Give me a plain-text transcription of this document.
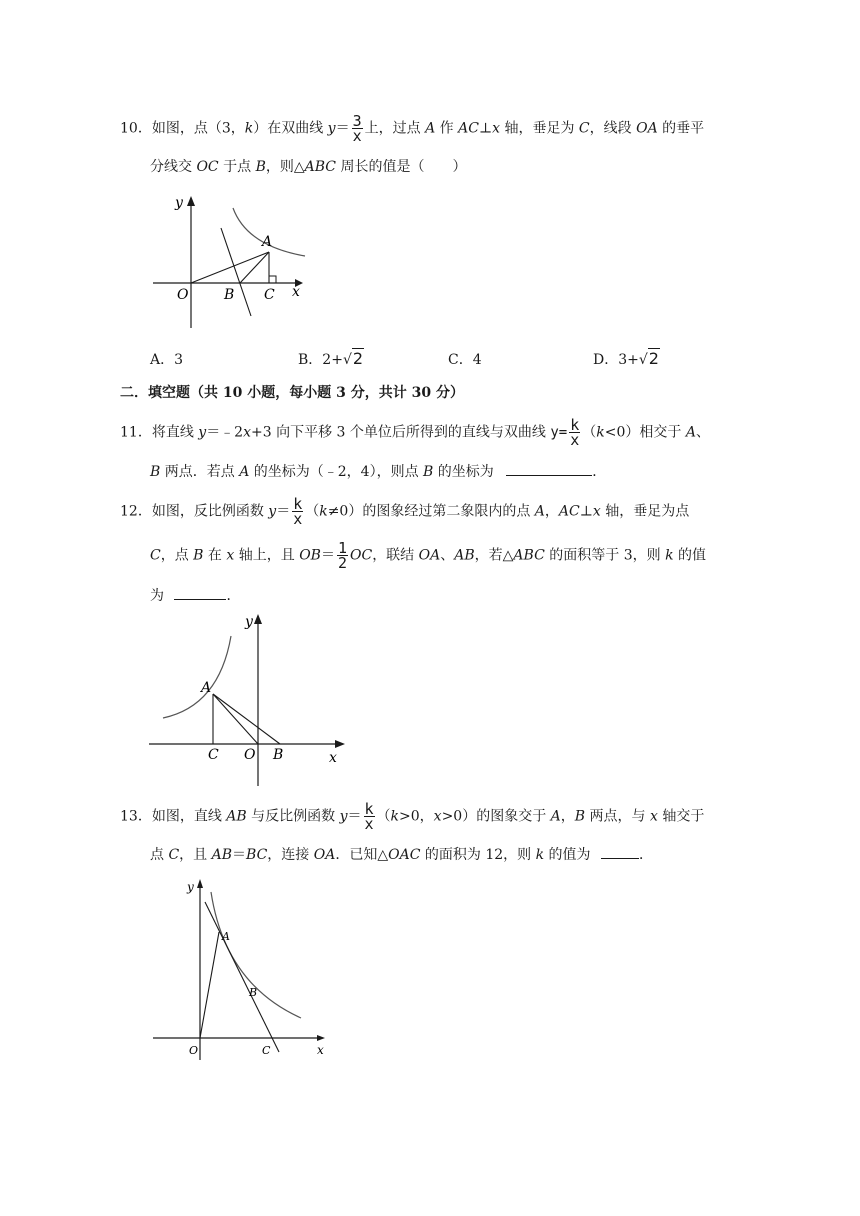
10．如图，点（3，k）在双曲线 $y= \frac{3}{x}$ 上，过点 A 作 AC⊥x 轴，垂足为 C，线段 OA 的垂平
分线交 OC 于点 B，则△ABC 周长的值是（　　）
y
x
O
A
B C
A．3	B．2+√2	C．4	D．3+√2
二．填空题（共 10 小题，每小题 3 分，共计 30 分）
11．将直线 y＝﹣2x+3 向下平移 3 个单位后所得到的直线与双曲线 $y= \frac{k}{x} (k<0)$相交于 A、
B 两点．若点 A 的坐标为（﹣2，4），则点 B 的坐标为	．
12．如图，反比例函数 $y= \frac{k}{x} (k\ne 0)$的图象经过第二象限内的点 A，AC⊥x 轴，垂足为点
C，点 B 在 x 轴上，且 $OB= \frac{1}{2}$ OC，联结 OA、AB，若△ABC 的面积等于 3，则 k 的值
为	．
y
x
A
C O B
13．如图，直线 AB 与反比例函数 $y= \frac{k}{x} (k>0$，x>0）的图象交于 A，B 两点，与 x 轴交于
点 C，且 AB＝BC，连接 OA．已知△OAC 的面积为 12，则 k 的值为	．
y
x
O
A
B
C
